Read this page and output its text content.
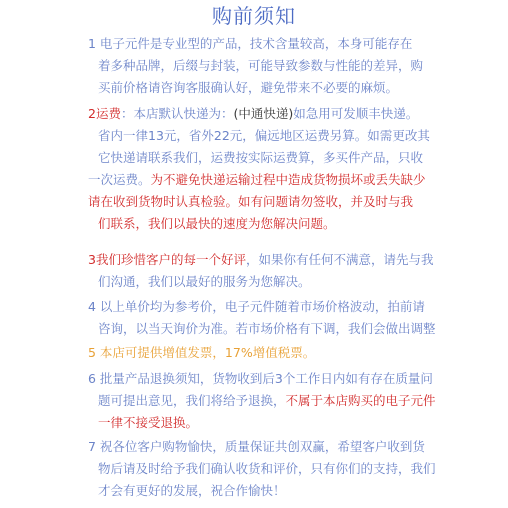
购前须知
1 电子元件是专业型的产品，技术含量较高，本身可能存在
着多种品牌，后缀与封装，可能导致参数与性能的差异，购
买前价格请咨询客服确认好，避免带来不必要的麻烦。
2运费：本店默认快递为：(中通快递)如急用可发顺丰快递。
省内一律13元，省外22元，偏远地区运费另算。如需更改其
它快递请联系我们，运费按实际运费算，多买件产品，只收
一次运费。为不避免快递运输过程中造成货物损坏或丢失缺少
请在收到货物时认真检验。如有问题请勿签收，并及时与我
们联系，我们以最快的速度为您解决问题。
3我们珍惜客户的每一个好评，如果你有任何不满意，请先与我
们沟通，我们以最好的服务为您解决。
4 以上单价均为参考价，电子元件随着市场价格波动，拍前请
咨询，以当天询价为准。若市场价格有下调，我们会做出调整
5 本店可提供增值发票，17%增值税票。
6 批量产品退换须知，货物收到后3个工作日内如有存在质量问
题可提出意见，我们将给予退换，不属于本店购买的电子元件
一律不接受退换。
7 祝各位客户购物愉快，质量保证共创双赢，希望客户收到货
物后请及时给予我们确认收货和评价，只有你们的支持，我们
才会有更好的发展，祝合作愉快！
